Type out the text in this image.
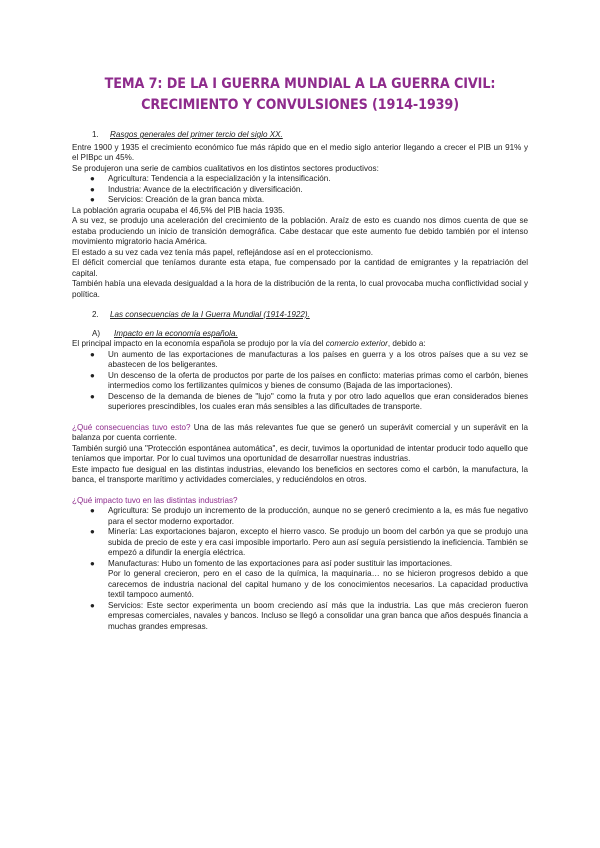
TEMA 7: DE LA I GUERRA MUNDIAL A LA GUERRA CIVIL: CRECIMIENTO Y CONVULSIONES (1914-1939)
1. Rasgos generales del primer tercio del siglo XX.

Entre 1900 y 1935 el crecimiento económico fue más rápido que en el medio siglo anterior llegando a crecer el PIB un 91% y el PIBpc un 45%.

Se produjeron una serie de cambios cualitativos en los distintos sectores productivos:

● Agricultura: Tendencia a la especialización y la intensificación.
● Industria: Avance de la electrificación y diversificación.
● Servicios: Creación de la gran banca mixta.

La población agraria ocupaba el 46,5% del PIB hacia 1935.

A su vez, se produjo una aceleración del crecimiento de la población. Araíz de esto es cuando nos dimos cuenta de que se estaba produciendo un inicio de transición demográfica. Cabe destacar que este aumento fue debido también por el intenso movimiento migratorio hacia América.

El estado a su vez cada vez tenía más papel, reflejándose así en el proteccionismo.

El déficit comercial que teníamos durante esta etapa, fue compensado por la cantidad de emigrantes y la repatriación del capital.

También había una elevada desigualdad a la hora de la distribución de la renta, lo cual provocaba mucha conflictividad social y política.

2. Las consecuencias de la I Guerra Mundial (1914-1922).
A) Impacto en la economía española.

El principal impacto en la economía española se produjo por la vía del comercio exterior, debido a:

● Un aumento de las exportaciones de manufacturas a los países en guerra y a los otros países que a su vez se abastecen de los beligerantes.
● Un descenso de la oferta de productos por parte de los países en conflicto: materias primas como el carbón, bienes intermedios como los fertilizantes químicos y bienes de consumo (Bajada de las importaciones).
● Descenso de la demanda de bienes de "lujo" como la fruta y por otro lado aquellos que eran considerados bienes superiores prescindibles, los cuales eran más sensibles a las dificultades de transporte.

¿Qué consecuencias tuvo esto? Una de las más relevantes fue que se generó un superávit comercial y un superávit en la balanza por cuenta corriente.

También surgió una "Protección espontánea automática", es decir, tuvimos la oportunidad de intentar producir todo aquello que teníamos que importar. Por lo cual tuvimos una oportunidad de desarrollar nuestras industrias.

Este impacto fue desigual en las distintas industrias, elevando los beneficios en sectores como el carbón, la manufactura, la banca, el transporte marítimo y actividades comerciales, y reduciéndolos en otros.

¿Qué impacto tuvo en las distintas industrias?

● Agricultura: Se produjo un incremento de la producción, aunque no se generó crecimiento a la, es más fue negativo para el sector moderno exportador.
● Minería: Las exportaciones bajaron, excepto el hierro vasco. Se produjo un boom del carbón ya que se produjo una subida de precio de este y era casi imposible importarlo. Pero aun así seguía persistiendo la ineficiencia. También se empezó a difundir la energía eléctrica.
● Manufacturas: Hubo un fomento de las exportaciones para así poder sustituir las importaciones.
Por lo general crecieron, pero en el caso de la química, la maquinaria… no se hicieron progresos debido a que carecemos de industria nacional del capital humano y de los conocimientos necesarios. La capacidad productiva textil tampoco aumentó.
● Servicios: Este sector experimenta un boom creciendo así más que la industria. Las que más crecieron fueron empresas comerciales, navales y bancos. Incluso se llegó a consolidar una gran banca que años después financia a muchas grandes empresas.
